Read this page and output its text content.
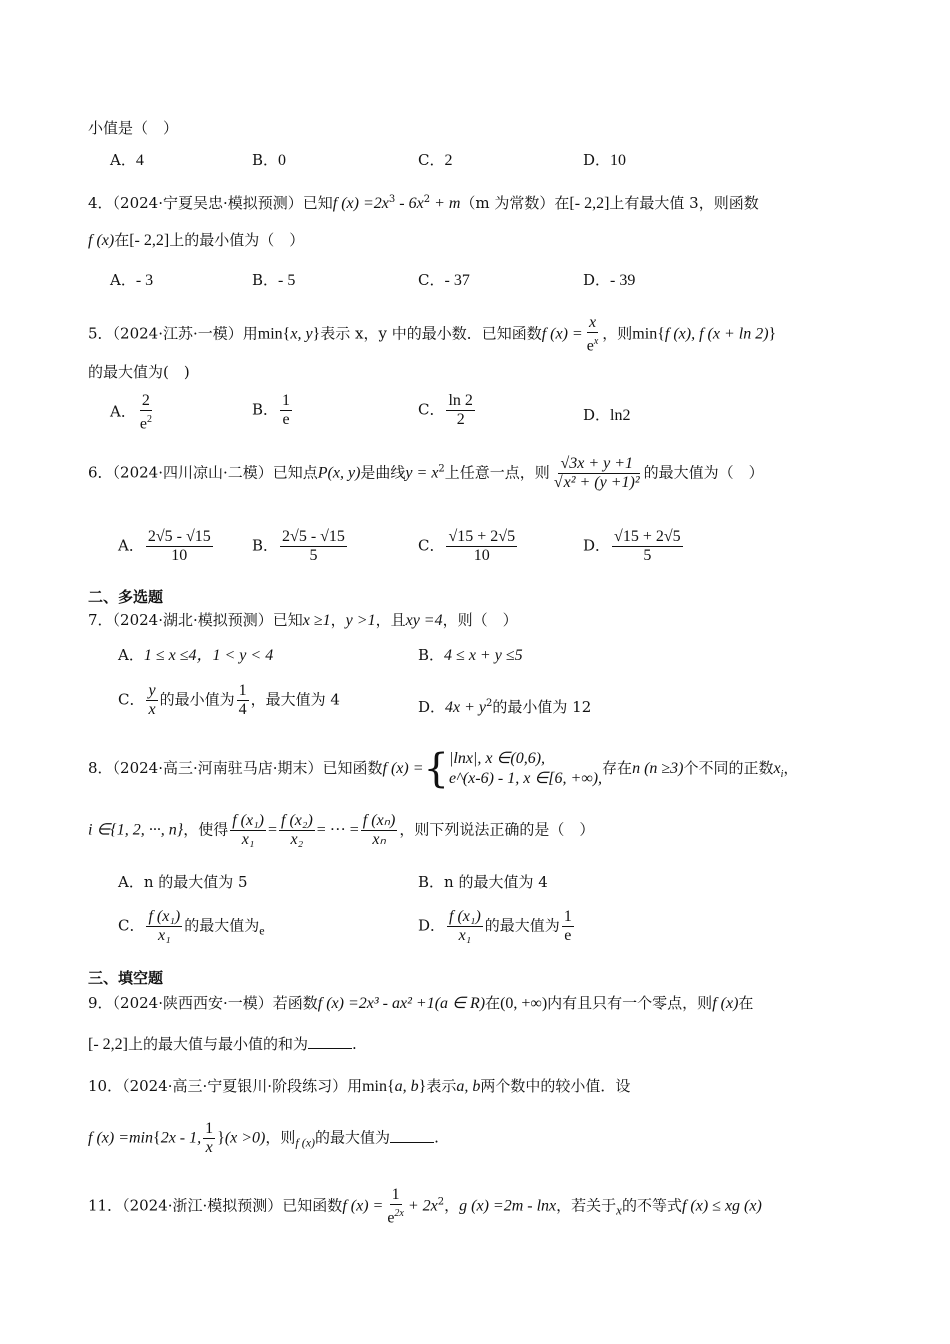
小值是（　）
A．4	B．0	C．2	D．10
4．（2024·宁夏吴忠·模拟预测）已知f $(x) =2x^3 - 6x^2 + m(m$ 为常数）在[- 2,2]上有最大值 3，则函数
f (x)在[- 2,2]上的最小值为（　）
A．- 3	B．- 5	C．- 37	D．- 39
5．（2024·江苏·一模）用min{x, y}表示 x，y 中的最小数．已知函数f $(x) = \frac{x}{e^x}$ ，则min{f (x), f (x + ln 2)}
的最大值为(　)
A． $\frac{2}{e^2}$	B． $\frac{1}{e}$	C． $\frac{\ln 2}{2}$	D．ln2
6．（2024·四川凉山·二模）已知点P(x, y)是曲线$y = x^2$上任意一点，则 $\frac{√3x + y +1}{\text{√x² + (y +1)²}}$ 的最大值为（　）
A． $\frac{2√5 - √15}{10}$	B． $\frac{2√5 - √15}{5}$	C． $\frac{√15 + 2√5}{10}$	D． $\frac{√15 + 2√5}{5}$
二、多选题
7．（2024·湖北·模拟预测）已知x ≥1，y >1，且xy =4，则（　）
A．1 ≤ x ≤4，1 < y < 4	B．4 ≤ x + y ≤5
C． $\frac{y}{x}$ 的最小值为 $\frac{1}{4}$ ，最大值为 4	D．$4x + y^2$的最小值为 12
8．（2024·高三·河南驻马店·期末）已知函数f (x) ={ |lnx|, x ∈(0,6),
e^(x-6) - 1, x ∈[6, +∞),
存在n (n ≥3)个不同的正数$x_i$，
i ∈{1, 2, ···, n}，使得 $\frac{\text{f (x₁)}}{\text{x₁}} = \frac{\text{f (x₂)}}{\text{x₂}}$ = ··· = $\frac{\text{f (xₙ)}}{\text{xₙ}}$ ，则下列说法正确的是（　）
A．n 的最大值为 5	B．n 的最大值为 4
C． $\frac{\text{f (x₁)}}{\text{x₁}}$ 的最大值为$_e$	D． $\frac{\text{f (x₁)}}{\text{x₁}}$ 的最大值为 $\frac{1}{e}$
三、填空题
9．（2024·陕西西安·一模）若函数f (x) =2x³ - ax² +1(a ∈ R)在(0, +∞)内有且只有一个零点，则f (x)在
[- 2,2]上的最大值与最小值的和为	.
10．（2024·高三·宁夏银川·阶段练习）用min{a, b}表示a, b两个数中的较小值．设
f (x) =min{2x - 1, $\frac{1}{x} \}(x >0)$，则$_{f (x)}$的最大值为	.
11．（2024·浙江·模拟预测）已知函数f $(x) = \frac{1}{e^{2x}} + 2x^2$，g (x) =2m - lnx，若关于x的不等式f (x) ≤ xg (x)
